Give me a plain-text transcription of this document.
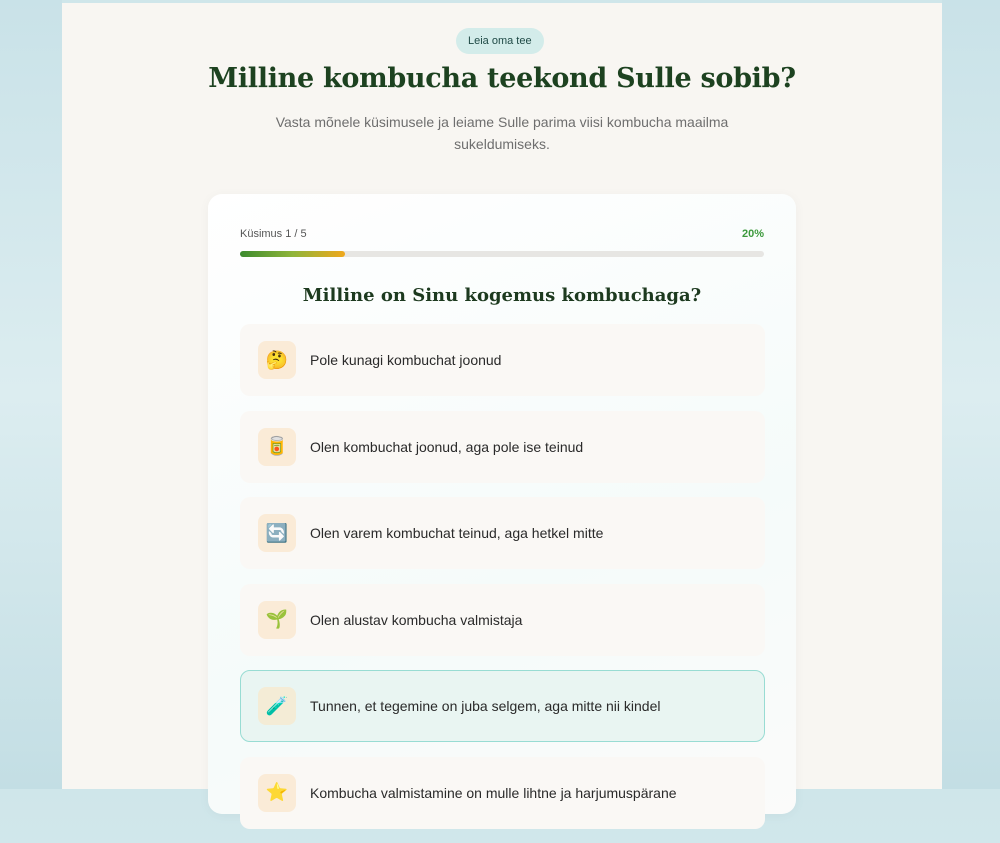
Leia oma tee
Milline kombucha teekond Sulle sobib?

Vasta mõnele küsimusele ja leiame Sulle parima viisi kombucha maailma sukeldumiseks.

Küsimus 1 / 5	20%
Milline on Sinu kogemus kombuchaga?
🤔	Pole kunagi kombuchat joonud
🥫	Olen kombuchat joonud, aga pole ise teinud
🔄	Olen varem kombuchat teinud, aga hetkel mitte
🌱	Olen alustav kombucha valmistaja
🧪	Tunnen, et tegemine on juba selgem, aga mitte nii kindel
⭐	Kombucha valmistamine on mulle lihtne ja harjumuspärane
